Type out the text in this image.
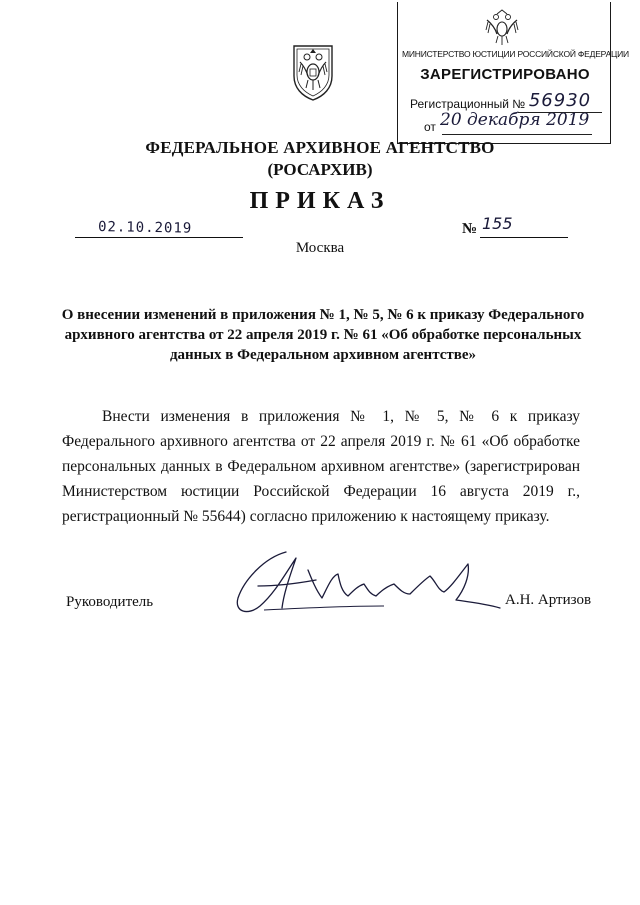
МИНИСТЕРСТВО ЮСТИЦИИ РОССИЙСКОЙ ФЕДЕРАЦИИ
ЗАРЕГИСТРИРОВАНО
Регистрационный № 56930
от 20 декабря 2019
ФЕДЕРАЛЬНОЕ АРХИВНОЕ АГЕНТСТВО
(РОСАРХИВ)
ПРИКАЗ
02.10.2019	№ 155
Москва
О внесении изменений в приложения № 1, № 5, № 6 к приказу Федерального архивного агентства от 22 апреля 2019 г. № 61 «Об обработке персональных данных в Федеральном архивном агентстве»
Внести изменения в приложения № 1, № 5, № 6 к приказу Федерального архивного агентства от 22 апреля 2019 г. № 61 «Об обработке персональных данных в Федеральном архивном агентстве» (зарегистрирован Министерством юстиции Российской Федерации 16 августа 2019 г., регистрационный № 55644) согласно приложению к настоящему приказу.
Руководитель	А.Н. Артизов
